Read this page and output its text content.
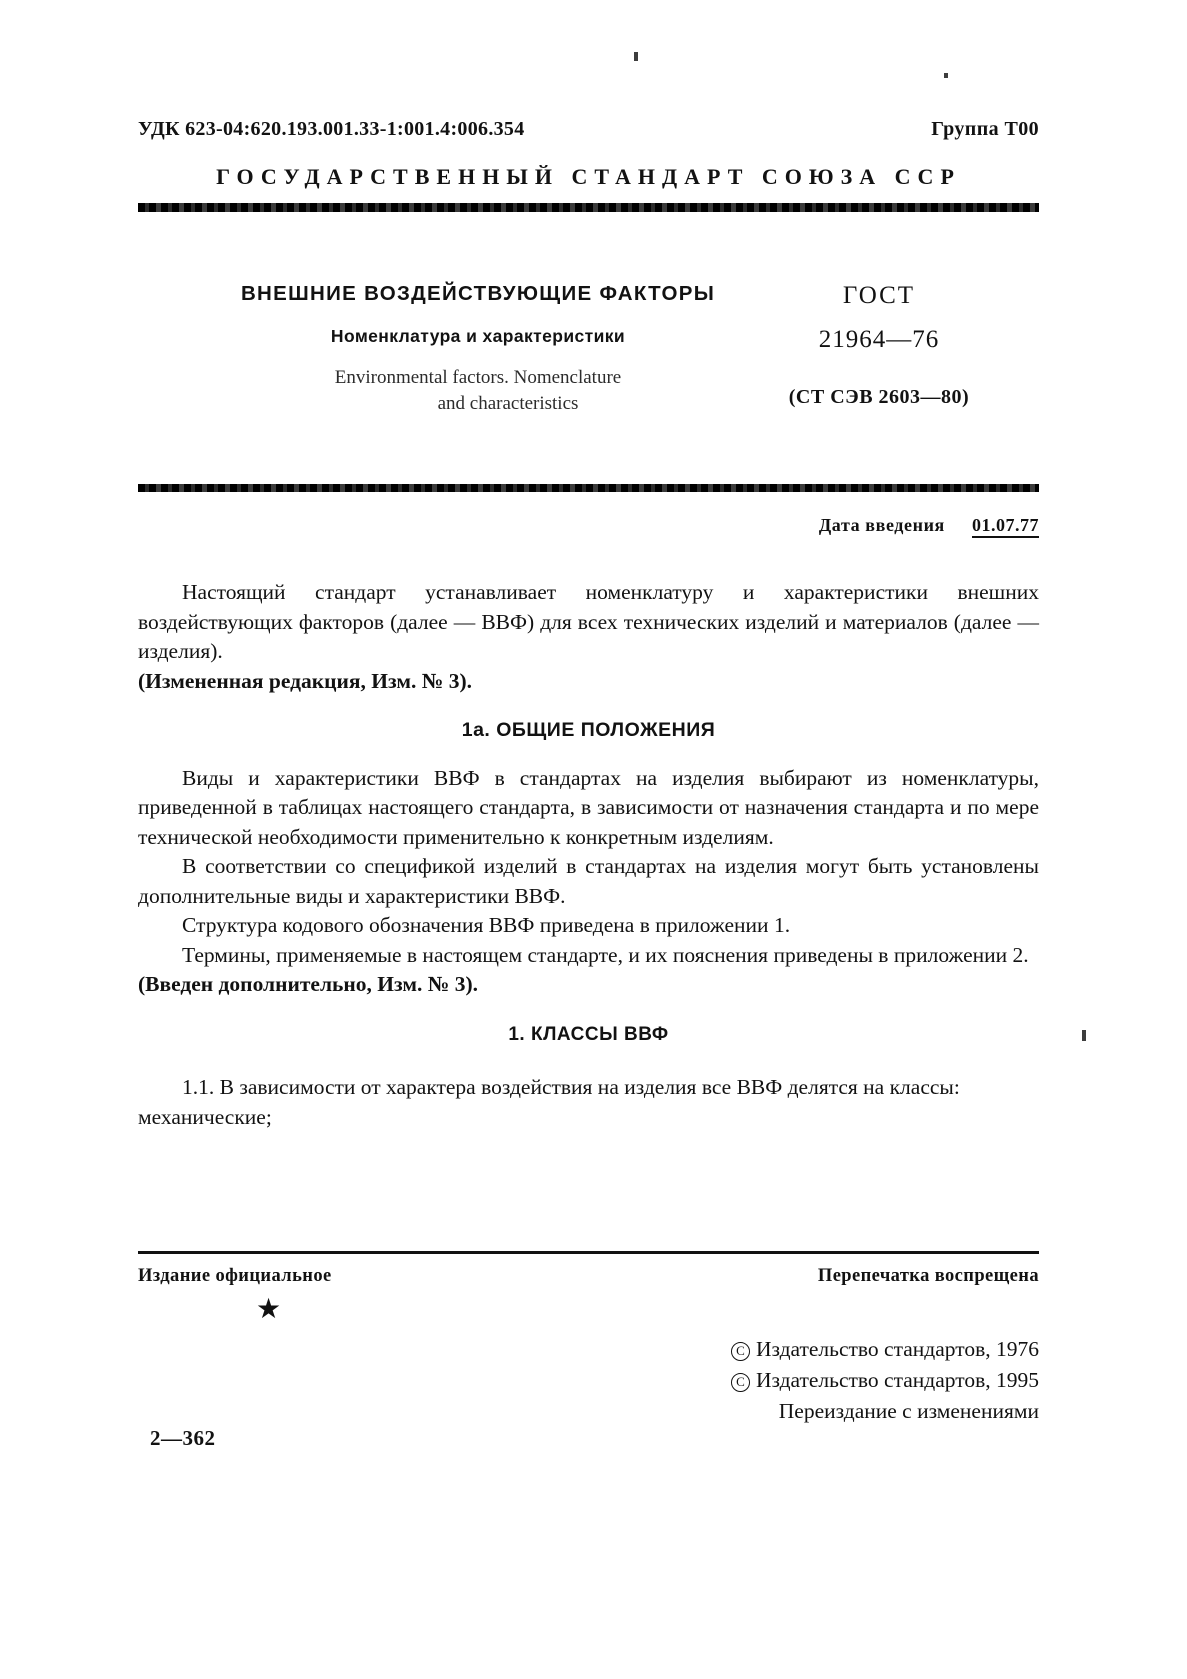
УДК 623-04:620.193.001.33-1:001.4:006.354	Группа Т00
ГОСУДАРСТВЕННЫЙ СТАНДАРТ СОЮЗА ССР
ВНЕШНИЕ ВОЗДЕЙСТВУЮЩИЕ ФАКТОРЫ
Номенклатура и характеристики
Environmental factors. Nomenclature
and characteristics
ГОСТ
21964—76
(СТ СЭВ 2603—80)
Дата введения 01.07.77

Настоящий стандарт устанавливает номенклатуру и характеристики внешних воздействующих факторов (далее — ВВФ) для всех технических изделий и материалов (далее — изделия).

(Измененная редакция, Изм. № 3).

1а. ОБЩИЕ ПОЛОЖЕНИЯ

Виды и характеристики ВВФ в стандартах на изделия выбирают из номенклатуры, приведенной в таблицах настоящего стандарта, в зависимости от назначения стандарта и по мере технической необходимости применительно к конкретным изделиям.

В соответствии со спецификой изделий в стандартах на изделия могут быть установлены дополнительные виды и характеристики ВВФ.

Структура кодового обозначения ВВФ приведена в приложении 1.

Термины, применяемые в настоящем стандарте, и их пояснения приведены в приложении 2.

(Введен дополнительно, Изм. № 3).

1. КЛАССЫ ВВФ

1.1. В зависимости от характера воздействия на изделия все ВВФ делятся на классы:

механические;

Издание официальное	Перепечатка воспрещена
★
C Издательство стандартов, 1976
C Издательство стандартов, 1995
Переиздание с изменениями
2—362
